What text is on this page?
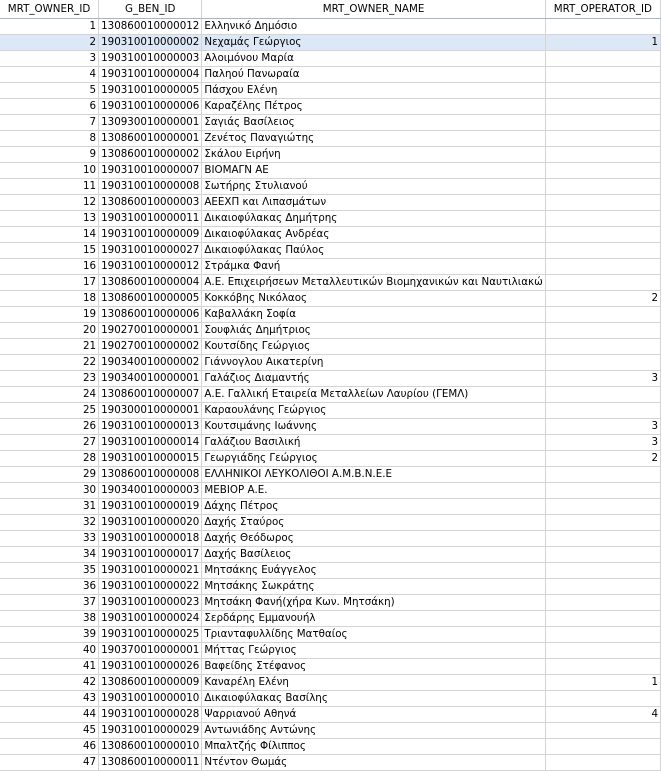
MRT_OWNER_ID	G_BEN_ID	MRT_OWNER_NAME	MRT_OPERATOR_ID
1	130860010000012	Ελληνικό Δημόσιο	
2	190310010000002	Νεχαμάς Γεώργιος	1
3	190310010000003	Αλοιμόνου Μαρία	
4	190310010000004	Παληού Πανωραία	
5	190310010000005	Πάσχου Ελένη	
6	190310010000006	Καραζέλης Πέτρος	
7	130930010000001	Σαγιάς Βασίλειος	
8	130860010000001	Ζενέτος Παναγιώτης	
9	130860010000002	Σκάλου Ειρήνη	
10	190310010000007	ΒΙΟΜΑΓΝ ΑΕ	
11	190310010000008	Σωτήρης Στυλιανού	
12	130860010000003	ΑΕΕΧΠ και Λιπασμάτων	
13	190310010000011	Δικαιοφύλακας Δημήτρης	
14	190310010000009	Δικαιοφύλακας Ανδρέας	
15	190310010000027	Δικαιοφύλακας Παύλος	
16	190310010000012	Στράμκα Φανή	
17	130860010000004	Α.Ε. Επιχειρήσεων Μεταλλευτικών Βιομηχανικών και Ναυτιλιακώ	
18	130860010000005	Κοκκόβης Νικόλαος	2
19	130860010000006	Καβαλλάκη Σοφία	
20	190270010000001	Σουφλιάς Δημήτριος	
21	190270010000002	Κουτσίδης Γεώργιος	
22	190340010000002	Γιάννογλου Αικατερίνη	
23	190340010000001	Γαλάζιος Διαμαντής	3
24	130860010000007	Α.Ε. Γαλλική Εταιρεία Μεταλλείων Λαυρίου (ΓΕΜΛ)	
25	190300010000001	Καραουλάνης Γεώργιος	
26	190310010000013	Κουτσιμάνης Ιωάννης	3
27	190310010000014	Γαλάζιου Βασιλική	3
28	190310010000015	Γεωργιάδης Γεώργιος	2
29	130860010000008	ΕΛΛΗΝΙΚΟΙ ΛΕΥΚΟΛΙΘΟΙ Α.Μ.Β.Ν.Ε.Ε	
30	190340010000003	ΜΕΒΙΟΡ Α.Ε.	
31	190310010000019	Δάχης Πέτρος	
32	190310010000020	Δαχής Σταύρος	
33	190310010000018	Δαχής Θεόδωρος	
34	190310010000017	Δαχής Βασίλειος	
35	190310010000021	Μητσάκης Ευάγγελος	
36	190310010000022	Μητσάκης Σωκράτης	
37	190310010000023	Μητσάκη Φανή(χήρα Κων. Μητσάκη)	
38	190310010000024	Σερδάρης Εμμανουήλ	
39	190310010000025	Τριανταφυλλίδης Ματθαίος	
40	190370010000001	Μήττας Γεώργιος	
41	190310010000026	Βαφείδης Στέφανος	
42	130860010000009	Καναρέλη Ελένη	1
43	190310010000010	Δικαιοφύλακας Βασίλης	
44	190310010000028	Ψαρριανού Αθηνά	4
45	190310010000029	Αντωνιάδης Αντώνης	
46	130860010000010	Μπαλτζής Φίλιππος	
47	130860010000011	Ντέντον Θωμάς	
